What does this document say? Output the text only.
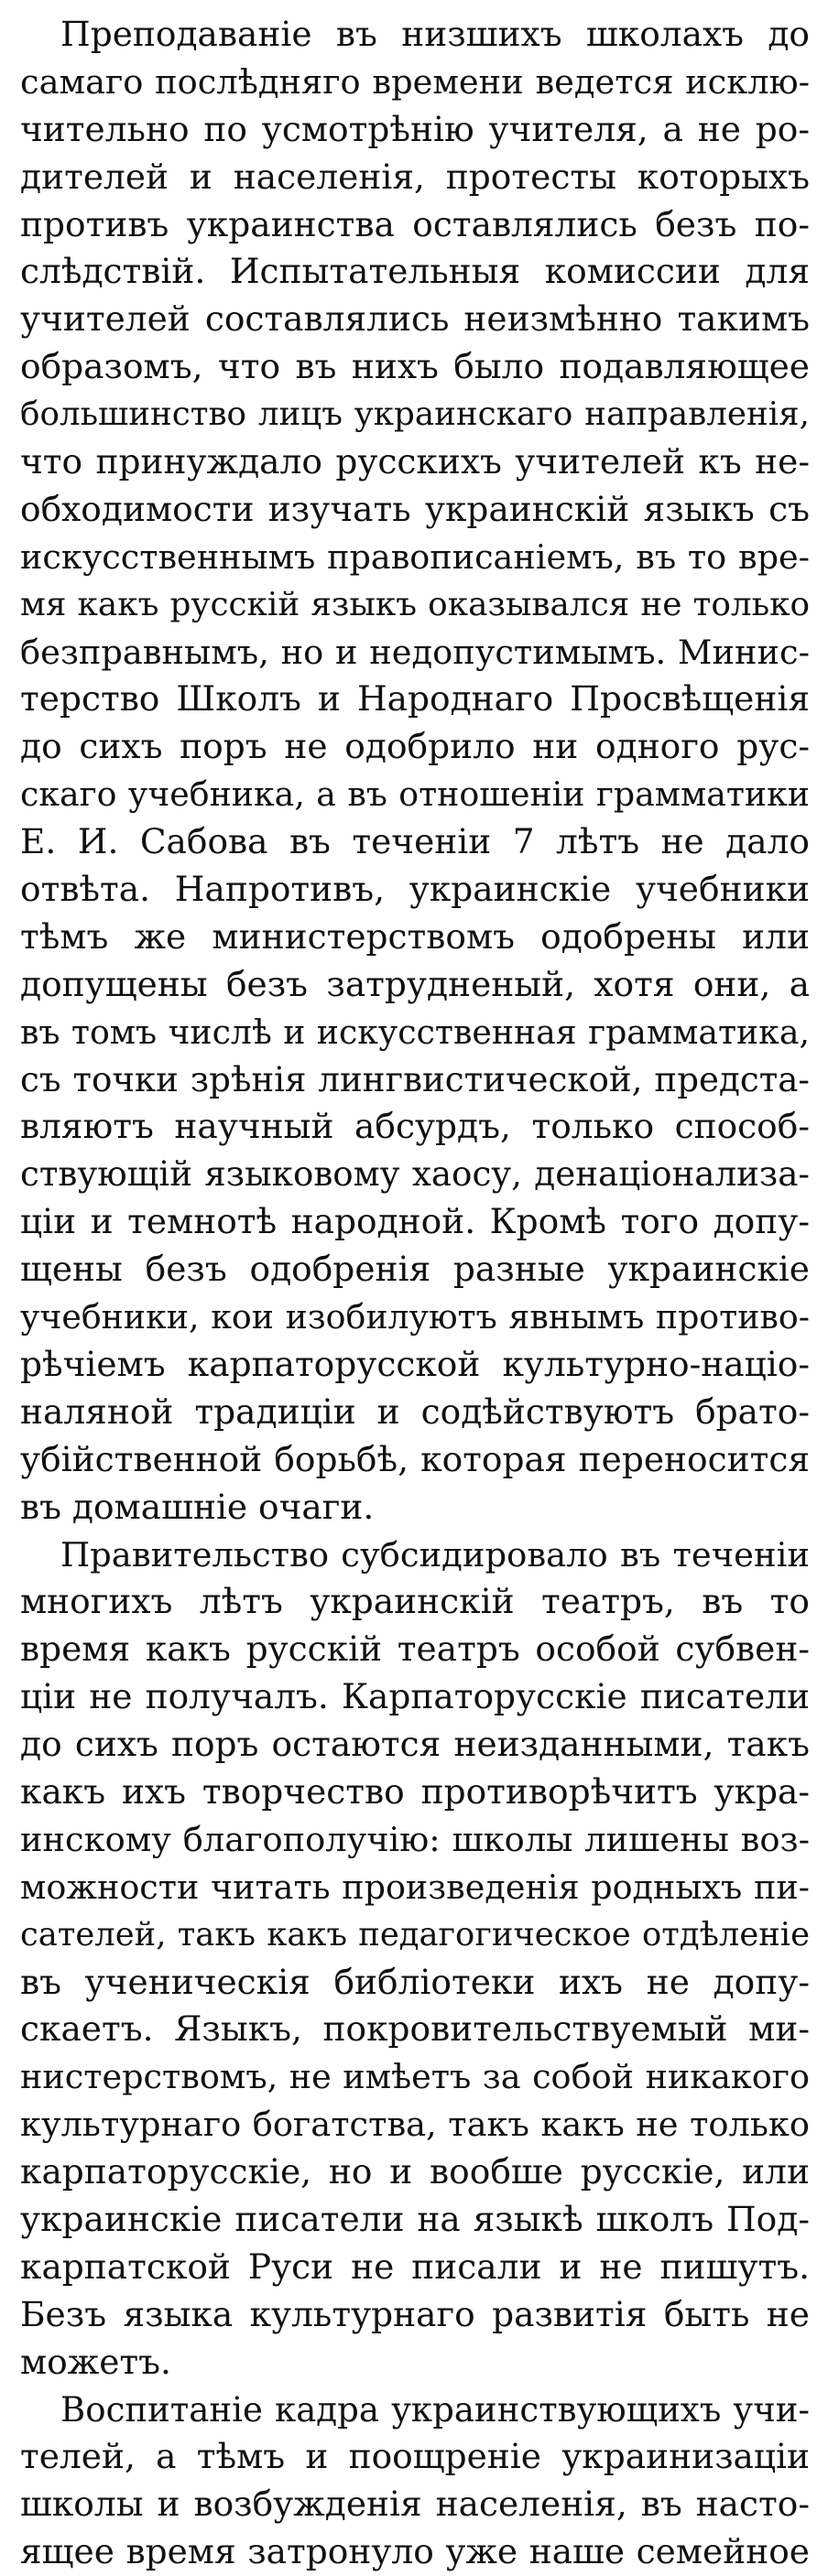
Преподаванiе въ низшихъ школахъ до
самаго послѣдняго времени ведется исклю-
чительно по усмотрѣнiю учителя, а не ро-
дителей и населенiя, протесты которыхъ
противъ украинства оставлялись безъ по-
слѣдствiй. Испытательныя комиссии для
учителей составлялись неизмѣнно такимъ
образомъ, что въ нихъ было подавляющее
большинство лицъ украинскаго направленiя,
что принуждало русскихъ учителей къ не-
обходимости изучать украинскiй языкъ съ
искусственнымъ правописанiемъ, въ то вре-
мя какъ русскiй языкъ оказывался не только
безправнымъ, но и недопустимымъ. Минис-
терство Школъ и Народнаго Просвѣщенiя
до сихъ поръ не одобрило ни одного рус-
скаго учебника, а въ отношенiи грамматики
Е. И. Сабова въ теченiи 7 лѣтъ не дало
отвѣта. Напротивъ, украинскiе учебники
тѣмъ же министерствомъ одобрены или
допущены безъ затрудненый, хотя они, а
въ томъ числѣ и искусственная грамматика,
съ точки зрѣнiя лингвистической, предста-
вляютъ научный абсурдъ, только способ-
ствующiй языковому хаосу, денацiонализа-
цiи и темнотѣ народной. Кромѣ того допу-
щены безъ одобренiя разные украинскiе
учебники, кои изобилуютъ явнымъ противо-
рѣчiемъ карпаторусской культурно-нацiо-
наляной традицiи и содѣйствуютъ брато-
убiйственной борьбѣ, которая переносится
въ домашнiе очаги.
Правительство субсидировало въ теченiи
многихъ лѣтъ украинскiй театръ, въ то
время какъ русскiй театръ особой субвен-
цiи не получалъ. Карпаторусскiе писатели
до сихъ поръ остаются неизданными, такъ
какъ ихъ творчество противорѣчитъ укра-
инскому благополучiю: школы лишены воз-
можности читать произведенiя родныхъ пи-
сателей, такъ какъ педагогическое отдѣленiе
въ ученическiя библiотеки ихъ не допу-
скаетъ. Языкъ, покровительствуемый ми-
нистерствомъ, не имѣетъ за собой никакого
культурнаго богатства, такъ какъ не только
карпаторусскiе, но и вообше русскiе, или
украинскiе писатели на языкѣ школъ Под-
карпатской Руси не писали и не пишутъ.
Безъ языка культурнаго развитiя быть не
можетъ.
Воспитанiе кадра украинствующихъ учи-
телей, а тѣмъ и поощренiе украинизацiи
школы и возбужденiя населенiя, въ насто-
ящее время затронуло уже наше семейное
